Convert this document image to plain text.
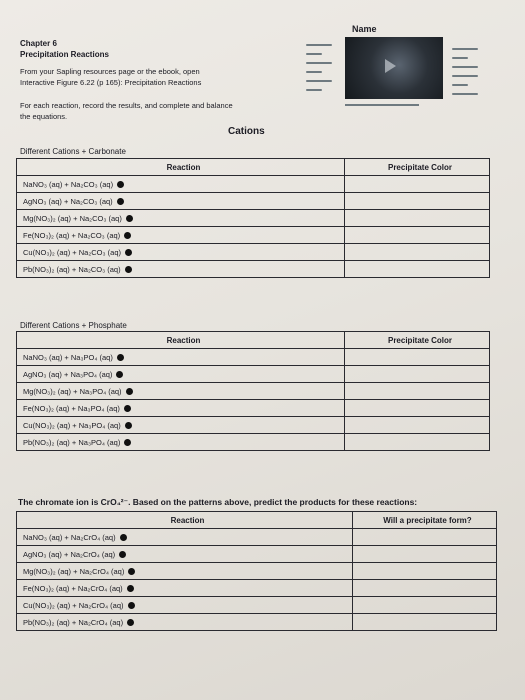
Name
Chapter 6
Precipitation Reactions
From your Sapling resources page or the ebook, open
Interactive Figure 6.22 (p 165): Precipitation Reactions
For each reaction, record the results, and complete and balance
the equations.
Cations
Different Cations + Carbonate
Reaction	Precipitate Color
NaNO₃ (aq) + Na₂CO₃ (aq)	
AgNO₃ (aq) + Na₂CO₃ (aq)	
Mg(NO₃)₂ (aq) + Na₂CO₃ (aq)	
Fe(NO₃)₂ (aq) + Na₂CO₃ (aq)	
Cu(NO₃)₂ (aq) + Na₂CO₃ (aq)	
Pb(NO₃)₂ (aq) + Na₂CO₃ (aq)	
Different Cations + Phosphate
Reaction	Precipitate Color
NaNO₃ (aq) + Na₃PO₄ (aq)	
AgNO₃ (aq) + Na₃PO₄ (aq)	
Mg(NO₃)₂ (aq) + Na₃PO₄ (aq)	
Fe(NO₃)₂ (aq) + Na₃PO₄ (aq)	
Cu(NO₃)₂ (aq) + Na₃PO₄ (aq)	
Pb(NO₃)₂ (aq) + Na₃PO₄ (aq)	
The chromate ion is CrO₄²⁻. Based on the patterns above, predict the products for these reactions:
Reaction	Will a precipitate form?
NaNO₃ (aq) + Na₂CrO₄ (aq)	
AgNO₃ (aq) + Na₂CrO₄ (aq)	
Mg(NO₃)₂ (aq) + Na₂CrO₄ (aq)	
Fe(NO₃)₂ (aq) + Na₂CrO₄ (aq)	
Cu(NO₃)₂ (aq) + Na₂CrO₄ (aq)	
Pb(NO₃)₂ (aq) + Na₂CrO₄ (aq)	
